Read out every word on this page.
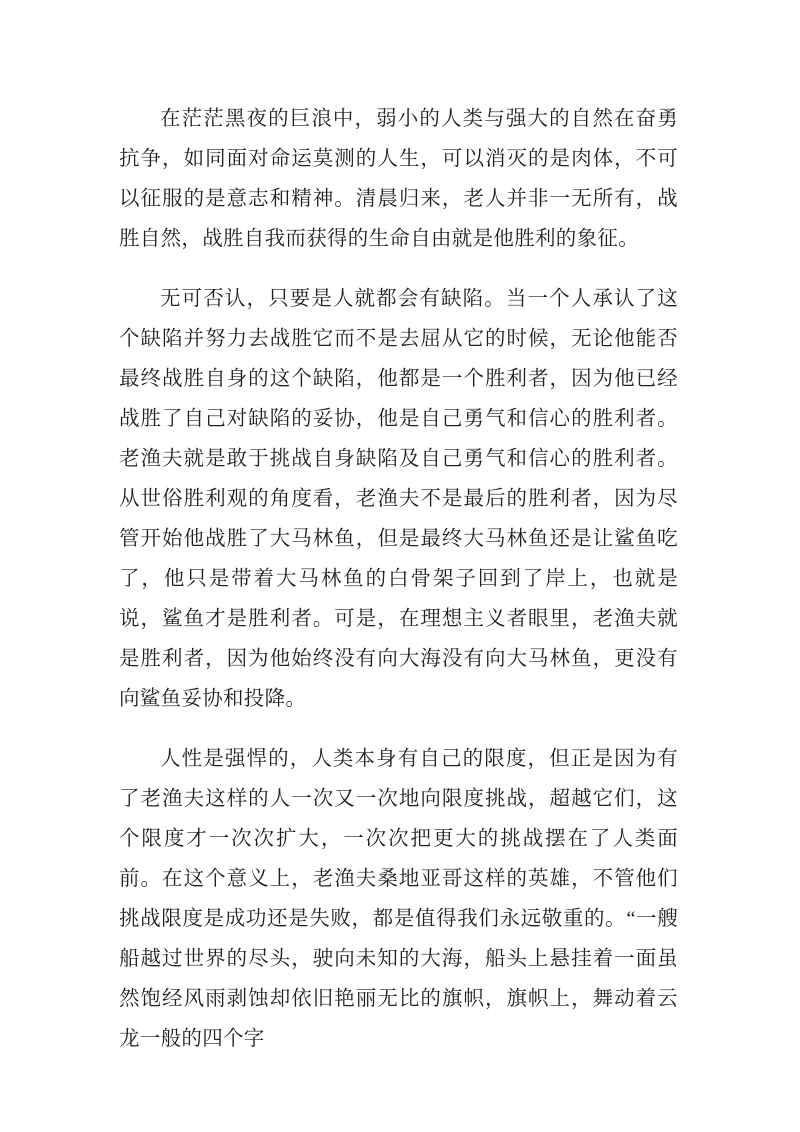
在茫茫黑夜的巨浪中，弱小的人类与强大的自然在奋勇抗争，如同面对命运莫测的人生，可以消灭的是肉体，不可以征服的是意志和精神。清晨归来，老人并非一无所有，战胜自然，战胜自我而获得的生命自由就是他胜利的象征。

无可否认，只要是人就都会有缺陷。当一个人承认了这个缺陷并努力去战胜它而不是去屈从它的时候，无论他能否最终战胜自身的这个缺陷，他都是一个胜利者，因为他已经战胜了自己对缺陷的妥协，他是自己勇气和信心的胜利者。老渔夫就是敢于挑战自身缺陷及自己勇气和信心的胜利者。从世俗胜利观的角度看，老渔夫不是最后的胜利者，因为尽管开始他战胜了大马林鱼，但是最终大马林鱼还是让鲨鱼吃了，他只是带着大马林鱼的白骨架子回到了岸上，也就是说，鲨鱼才是胜利者。可是，在理想主义者眼里，老渔夫就是胜利者，因为他始终没有向大海没有向大马林鱼，更没有向鲨鱼妥协和投降。

人性是强悍的，人类本身有自己的限度，但正是因为有了老渔夫这样的人一次又一次地向限度挑战，超越它们，这个限度才一次次扩大，一次次把更大的挑战摆在了人类面前。在这个意义上，老渔夫桑地亚哥这样的英雄，不管他们挑战限度是成功还是失败，都是值得我们永远敬重的。“一艘船越过世界的尽头，驶向未知的大海，船头上悬挂着一面虽然饱经风雨剥蚀却依旧艳丽无比的旗帜，旗帜上，舞动着云龙一般的四个字
